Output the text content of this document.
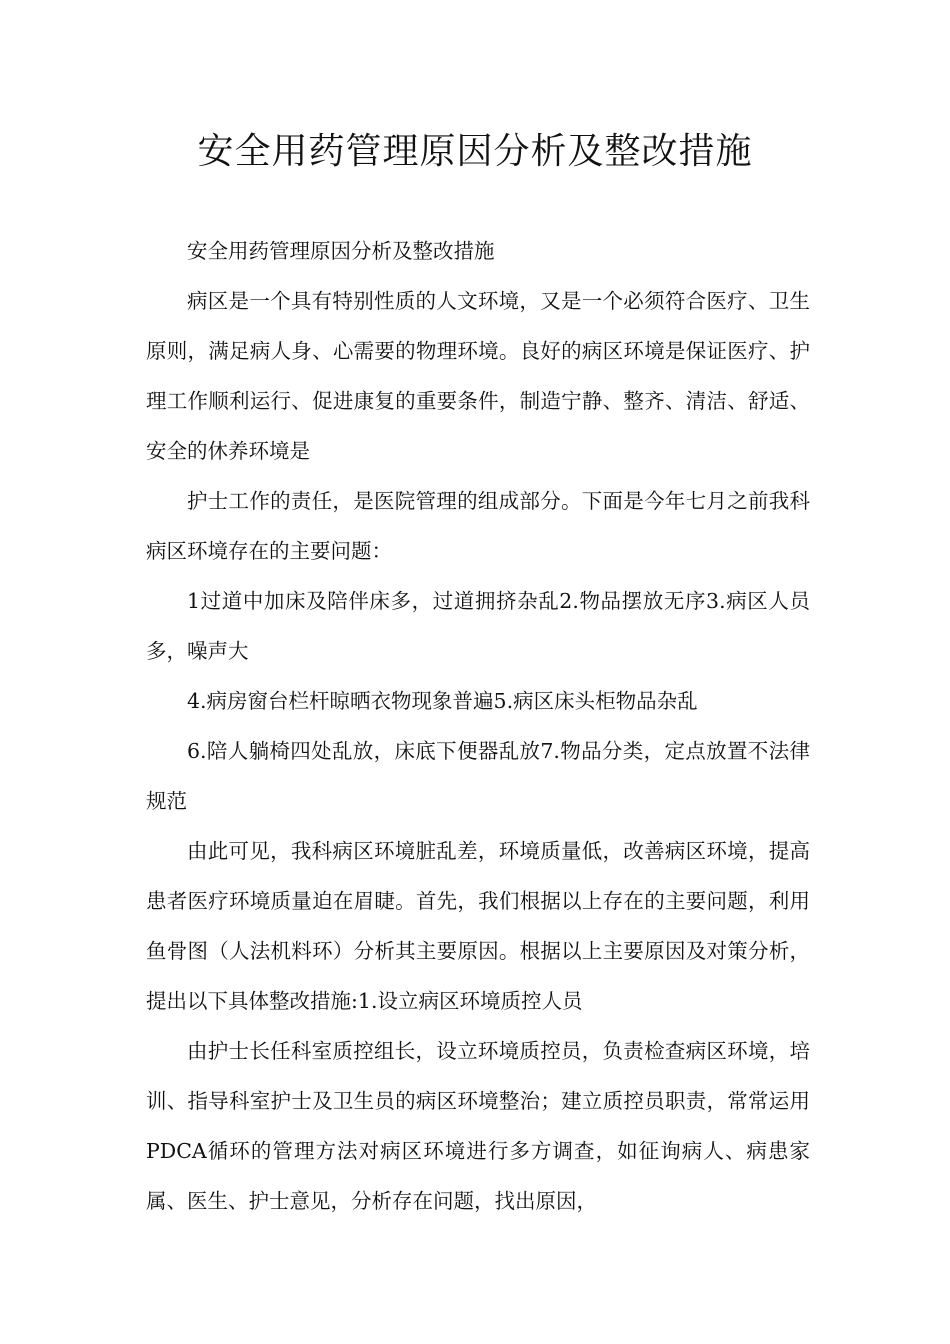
安全用药管理原因分析及整改措施

安全用药管理原因分析及整改措施

病区是一个具有特别性质的人文环境，又是一个必须符合医疗、卫生原则，满足病人身、心需要的物理环境。良好的病区环境是保证医疗、护理工作顺利运行、促进康复的重要条件，制造宁静、整齐、清洁、舒适、安全的休养环境是

护士工作的责任，是医院管理的组成部分。下面是今年七月之前我科病区环境存在的主要问题：

1过道中加床及陪伴床多，过道拥挤杂乱2.物品摆放无序3.病区人员多，噪声大

4.病房窗台栏杆晾晒衣物现象普遍5.病区床头柜物品杂乱

6.陪人躺椅四处乱放，床底下便器乱放7.物品分类，定点放置不法律规范

由此可见，我科病区环境脏乱差，环境质量低，改善病区环境，提高患者医疗环境质量迫在眉睫。首先，我们根据以上存在的主要问题，利用鱼骨图（人法机料环）分析其主要原因。根据以上主要原因及对策分析，提出以下具体整改措施:1.设立病区环境质控人员

由护士长任科室质控组长，设立环境质控员，负责检查病区环境，培训、指导科室护士及卫生员的病区环境整治；建立质控员职责，常常运用PDCA循环的管理方法对病区环境进行多方调查，如征询病人、病患家属、医生、护士意见，分析存在问题，找出原因，
